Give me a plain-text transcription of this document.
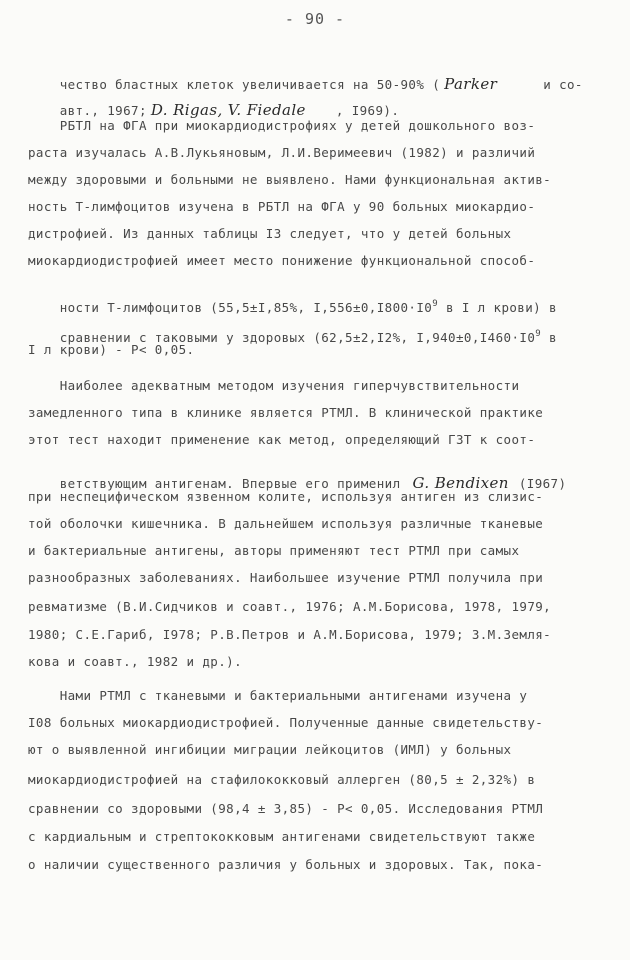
- 90 -

чество бластных клеток увеличивается на 50-90% ( Parker	и со-

авт., 1967; D. Rigas, V. Fiedale , I969).

РБТЛ на ФГА при миокардиодистрофиях у детей дошкольного воз-
раста изучалась А.В.Лукьяновым, Л.И.Веримеевич (1982) и различий
между здоровыми и больными не выявлено. Нами функциональная актив-
ность Т-лимфоцитов изучена в РБТЛ на ФГА у 90 больных миокардио-
дистрофией. Из данных таблицы I3 следует, что у детей больных
миокардиодистрофией имеет место понижение функциональной способ-

ности Т-лимфоцитов (55,5±I,85%, $I,556\pm 0,I800\cdot I0^9$ в I л крови) в

сравнении с таковыми у здоровых (62,5±2,I2%, $I,940\pm 0,I460\cdot I0^9$ в

I л крови) - P< 0,05.
Наиболее адекватным методом изучения гиперчувствительности
замедленного типа в клинике является РТМЛ. В клинической практике
этот тест находит применение как метод, определяющий ГЗТ к соот-

ветствующим антигенам. Впервые его применил G. Bendixen (I967)

при неспецифическом язвенном колите, используя антиген из слизис-
той оболочки кишечника. В дальнейшем используя различные тканевые
и бактериальные антигены, авторы применяют тест РТМЛ при самых
разнообразных заболеваниях. Наибольшее изучение РТМЛ получила при
ревматизме (В.И.Сидчиков и соавт., 1976; А.М.Борисова, 1978, 1979,
1980; С.Е.Гариб, I978; Р.В.Петров и А.М.Борисова, 1979; З.М.Земля-
кова и соавт., 1982 и др.).
Нами РТМЛ с тканевыми и бактериальными антигенами изучена у
I08 больных миокардиодистрофией. Полученные данные свидетельству-
ют о выявленной ингибиции миграции лейкоцитов (ИМЛ) у больных
миокардиодистрофией на стафилококковый аллерген (80,5 ± 2,32%) в
сравнении со здоровыми (98,4 ± 3,85) - P< 0,05. Исследования РТМЛ
с кардиальным и стрептококковым антигенами свидетельствуют также
о наличии существенного различия у больных и здоровых. Так, пока-
